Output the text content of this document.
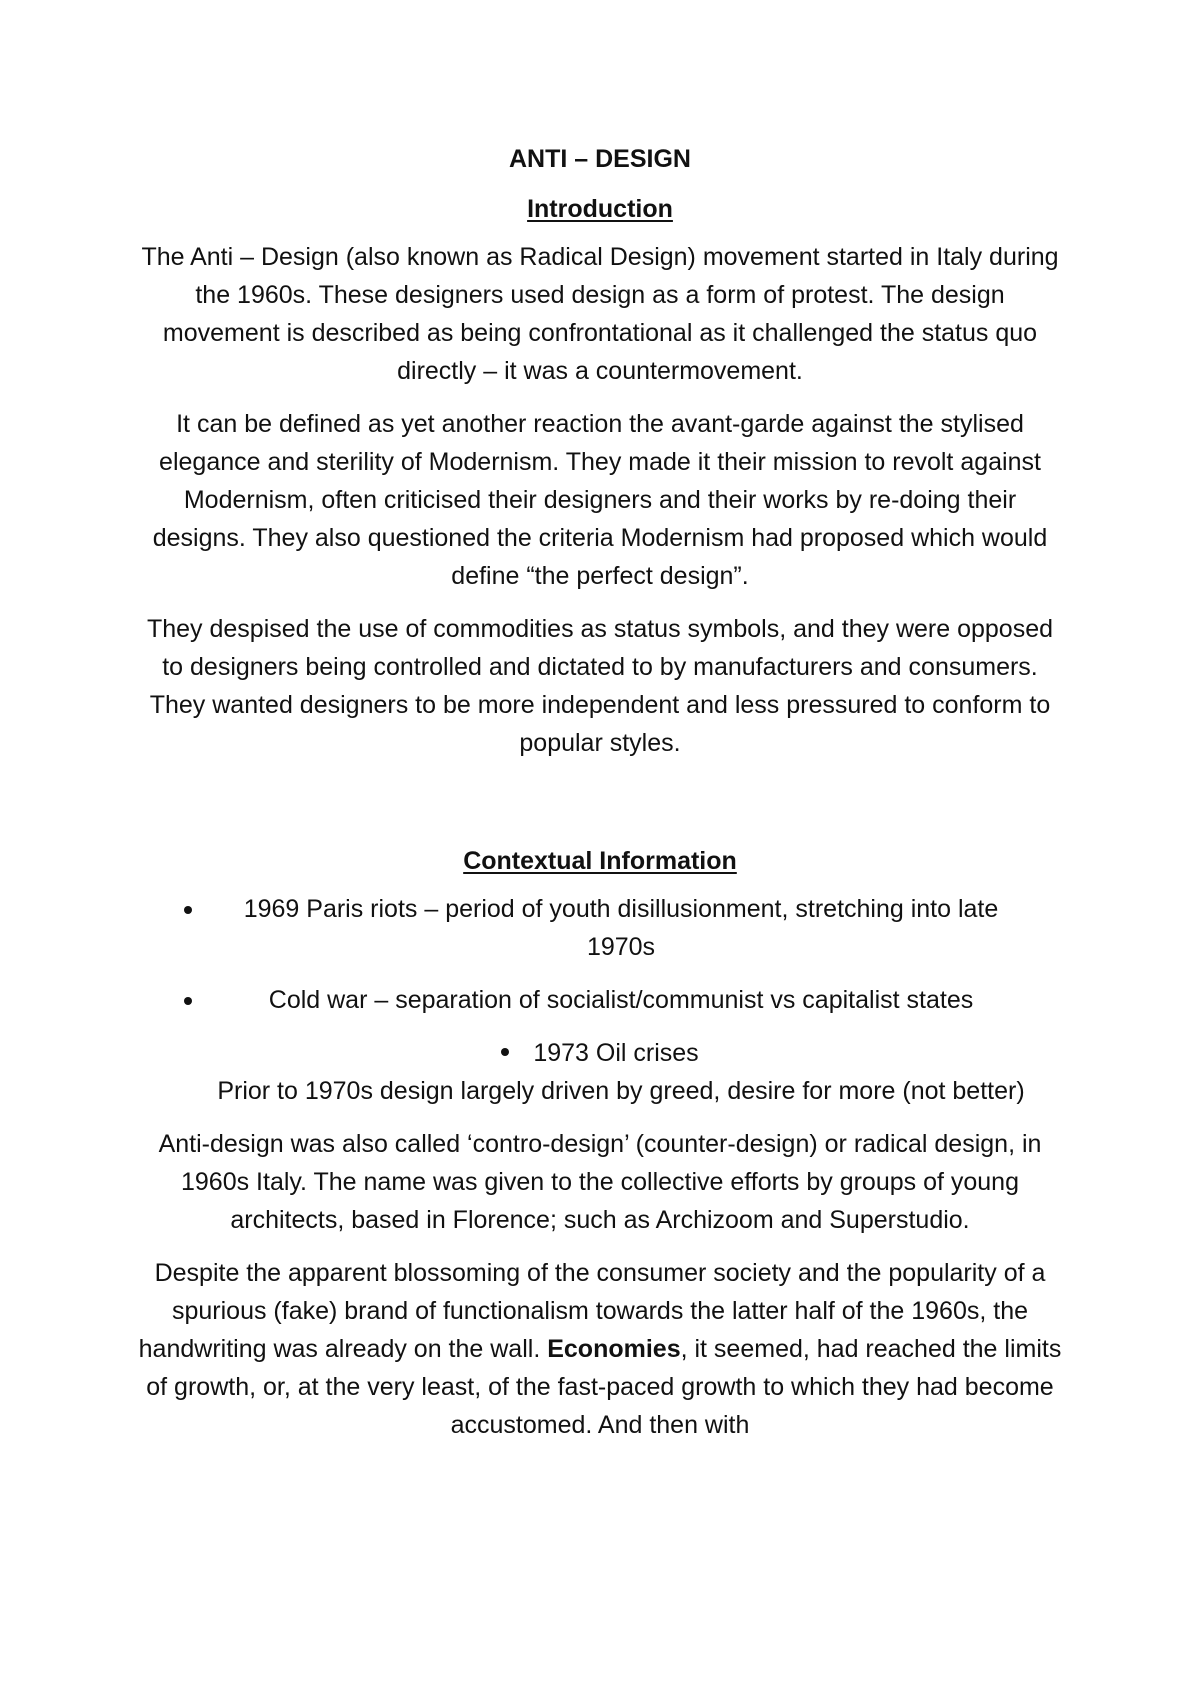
ANTI – DESIGN
Introduction

The Anti – Design (also known as Radical Design) movement started in Italy during the 1960s. These designers used design as a form of protest. The design movement is described as being confrontational as it challenged the status quo directly – it was a countermovement.

It can be defined as yet another reaction the avant-garde against the stylised elegance and sterility of Modernism. They made it their mission to revolt against Modernism, often criticised their designers and their works by re-doing their designs. They also questioned the criteria Modernism had proposed which would define “the perfect design”.

They despised the use of commodities as status symbols, and they were opposed to designers being controlled and dictated to by manufacturers and consumers. They wanted designers to be more independent and less pressured to conform to popular styles.

Contextual Information
1969 Paris riots – period of youth disillusionment, stretching into late 1970s
Cold war – separation of socialist/communist vs capitalist states
1973 Oil crises

Prior to 1970s design largely driven by greed, desire for more (not better)

Anti-design was also called ‘contro-design’ (counter-design) or radical design, in 1960s Italy. The name was given to the collective efforts by groups of young architects, based in Florence; such as Archizoom and Superstudio.

Despite the apparent blossoming of the consumer society and the popularity of a spurious (fake) brand of functionalism towards the latter half of the 1960s, the handwriting was already on the wall. Economies, it seemed, had reached the limits of growth, or, at the very least, of the fast-paced growth to which they had become accustomed. And then with
